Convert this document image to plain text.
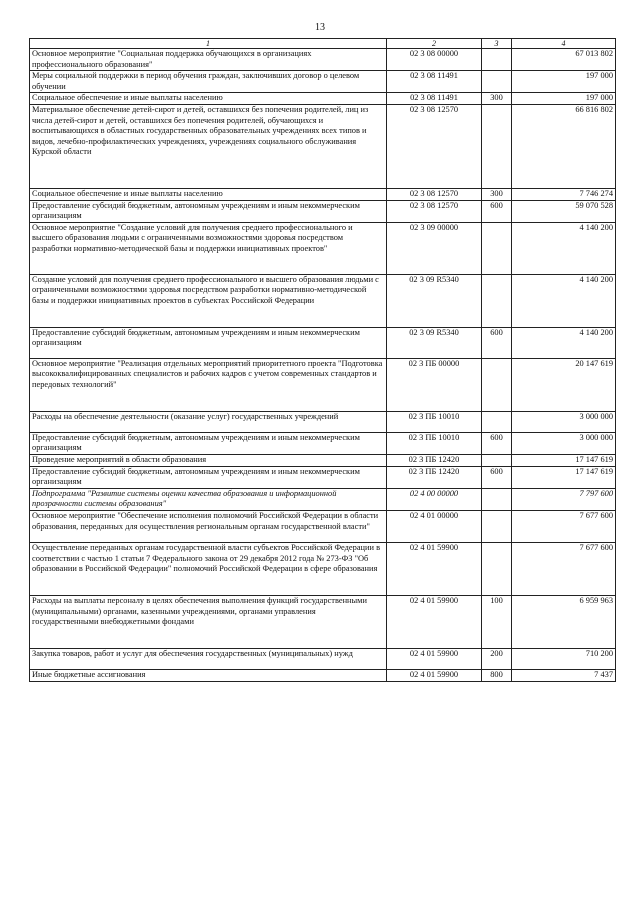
13
1	2	3	4
Основное мероприятие "Социальная поддержка обучающихся в организациях профессионального образования"	02 3 08 00000		67 013 802
Меры социальной поддержки в период обучения граждан, заключивших договор о целевом обучении	02 3 08 11491		197 000
Социальное обеспечение и иные выплаты населению	02 3 08 11491	300	197 000
Материальное обеспечение детей-сирот и детей, оставшихся без попечения родителей, лиц из числа детей-сирот и детей, оставшихся без попечения родителей, обучающихся и воспитывающихся в областных государственных образовательных учреждениях всех типов и видов, лечебно-профилактических учреждениях, учреждениях социального обслуживания Курской области	02 3 08 12570		66 816 802
Социальное обеспечение и иные выплаты населению	02 3 08 12570	300	7 746 274
Предоставление субсидий бюджетным, автономным учреждениям и иным некоммерческим организациям	02 3 08 12570	600	59 070 528
Основное мероприятие "Создание условий для получения среднего профессионального и высшего образования людьми с ограниченными возможностями здоровья посредством разработки нормативно-методической базы и поддержки инициативных проектов"	02 3 09 00000		4 140 200
Создание условий для получения среднего профессионального и высшего образования людьми с ограниченными возможностями здоровья посредством разработки нормативно-методической базы и поддержки инициативных проектов в субъектах Российской Федерации	02 3 09 R5340		4 140 200
Предоставление субсидий бюджетным, автономным учреждениям и иным некоммерческим организациям	02 3 09 R5340	600	4 140 200
Основное мероприятие "Реализация отдельных мероприятий приоритетного проекта "Подготовка высококвалифицированных специалистов и рабочих кадров с учетом современных стандартов и передовых технологий"	02 3 ПБ 00000		20 147 619
Расходы на обеспечение деятельности (оказание услуг) государственных учреждений	02 3 ПБ 10010		3 000 000
Предоставление субсидий бюджетным, автономным учреждениям и иным некоммерческим организациям	02 3 ПБ 10010	600	3 000 000
Проведение мероприятий в области образования	02 3 ПБ 12420		17 147 619
Предоставление субсидий бюджетным, автономным учреждениям и иным некоммерческим организациям	02 3 ПБ 12420	600	17 147 619
Подпрограмма "Развитие системы оценки качества образования и информационной прозрачности системы образования"	02 4 00 00000		7 797 600
Основное мероприятие "Обеспечение исполнения полномочий Российской Федерации в области образования, переданных для осуществления региональным органам государственной власти"	02 4 01 00000		7 677 600
Осуществление переданных органам государственной власти субъектов Российской Федерации в соответствии с частью 1 статьи 7 Федерального закона от 29 декабря 2012 года № 273-ФЗ "Об образовании в Российской Федерации" полномочий Российской Федерации в сфере образования	02 4 01 59900		7 677 600
Расходы на выплаты персоналу в целях обеспечения выполнения функций государственными (муниципальными) органами, казенными учреждениями, органами управления государственными внебюджетными фондами	02 4 01 59900	100	6 959 963
Закупка товаров, работ и услуг для обеспечения государственных (муниципальных) нужд	02 4 01 59900	200	710 200
Иные бюджетные ассигнования	02 4 01 59900	800	7 437
